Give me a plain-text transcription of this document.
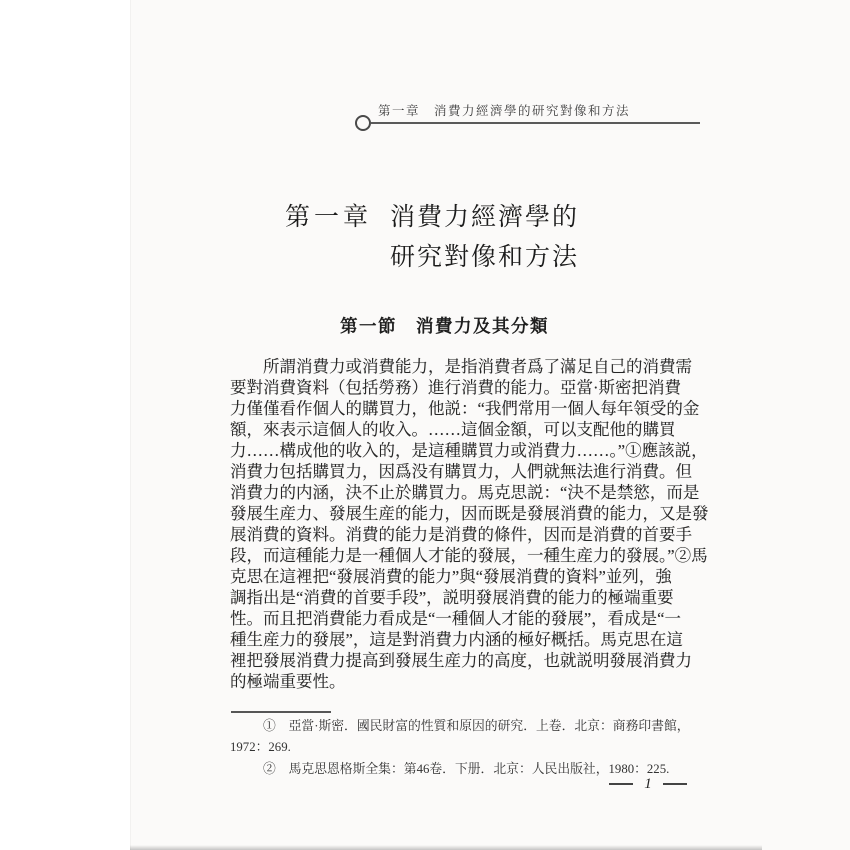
第一章　消費力經濟學的研究對像和方法
第一章 消費力經濟學的
研究對像和方法
第一節　消費力及其分類
所謂消費力或消費能力，是指消費者爲了滿足自己的消費需
要對消費資料（包括勞務）進行消費的能力。亞當·斯密把消費
力僅僅看作個人的購買力，他説：“我們常用一個人每年領受的金
額，來表示這個人的收入。……這個金額，可以支配他的購買
力……構成他的收入的，是這種購買力或消費力……。”①應該説，
消費力包括購買力，因爲没有購買力，人們就無法進行消費。但
消費力的内涵，決不止於購買力。馬克思説：“決不是禁慾，而是
發展生産力、發展生産的能力，因而既是發展消費的能力，又是發
展消費的資料。消費的能力是消費的條件，因而是消費的首要手
段，而這種能力是一種個人才能的發展，一種生産力的發展。”②馬
克思在這裡把“發展消費的能力”與“發展消費的資料”並列，強
調指出是“消費的首要手段”，説明發展消費的能力的極端重要
性。而且把消費能力看成是“一種個人才能的發展”，看成是“一
種生産力的發展”，這是對消費力内涵的極好概括。馬克思在這
裡把發展消費力提高到發展生産力的高度，也就説明發展消費力
的極端重要性。
①　亞當·斯密．國民財富的性質和原因的研究．上卷．北京：商務印書館，
1972：269.
②　馬克思恩格斯全集：第46卷．下册．北京：人民出版社，1980：225.
1
